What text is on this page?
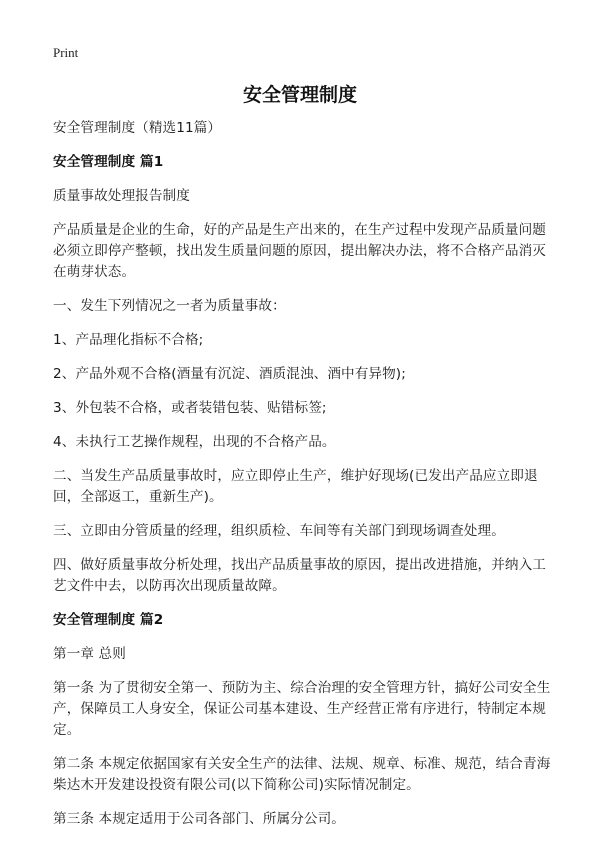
Print
安全管理制度

安全管理制度（精选11篇）

安全管理制度 篇1

质量事故处理报告制度

产品质量是企业的生命，好的产品是生产出来的，在生产过程中发现产品质量问题必须立即停产整顿，找出发生质量问题的原因，提出解决办法，将不合格产品消灭在萌芽状态。

一、发生下列情况之一者为质量事故：

1、产品理化指标不合格;

2、产品外观不合格(酒量有沉淀、酒质混浊、酒中有异物);

3、外包装不合格，或者装错包装、贴错标签;

4、未执行工艺操作规程，出现的不合格产品。

二、当发生产品质量事故时，应立即停止生产，维护好现场(已发出产品应立即退回，全部返工，重新生产)。

三、立即由分管质量的经理，组织质检、车间等有关部门到现场调查处理。

四、做好质量事故分析处理，找出产品质量事故的原因，提出改进措施，并纳入工艺文件中去，以防再次出现质量故障。

安全管理制度 篇2

第一章 总则

第一条 为了贯彻安全第一、预防为主、综合治理的安全管理方针，搞好公司安全生产，保障员工人身安全，保证公司基本建设、生产经营正常有序进行，特制定本规定。

第二条 本规定依据国家有关安全生产的法律、法规、规章、标准、规范，结合青海柴达木开发建设投资有限公司(以下简称公司)实际情况制定。

第三条 本规定适用于公司各部门、所属分公司。
